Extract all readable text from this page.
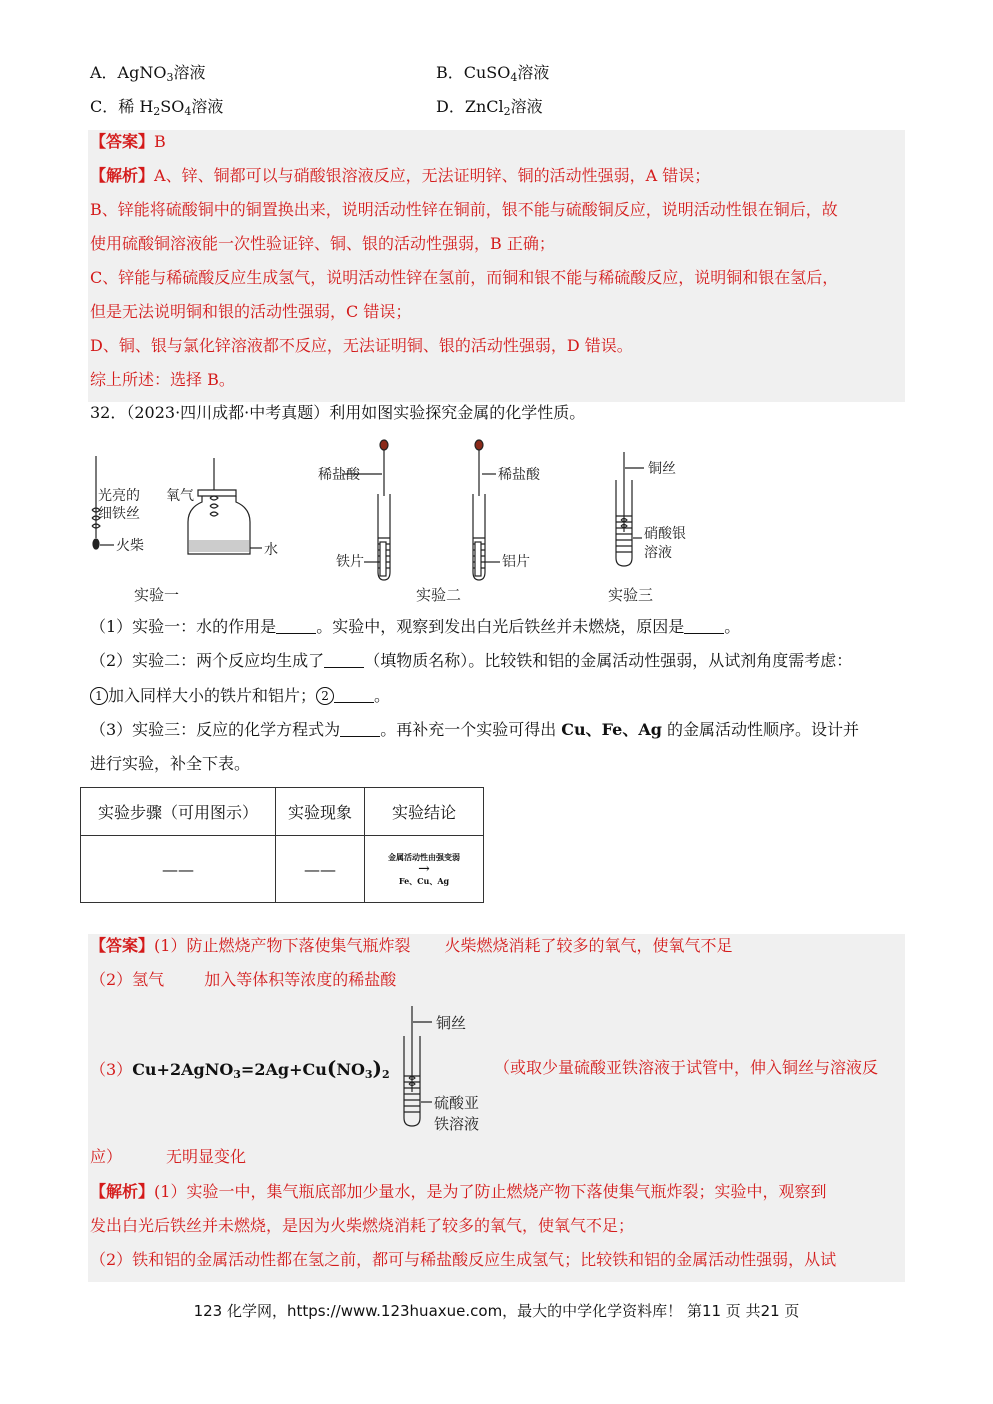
A．AgNO$_3$溶液	B．CuSO$_4$溶液
C．稀 $H_2SO_4$溶液	D．ZnCl$_2$溶液
【答案】B
【解析】A、锌、铜都可以与硝酸银溶液反应，无法证明锌、铜的活动性强弱，A 错误；
B、锌能将硫酸铜中的铜置换出来，说明活动性锌在铜前，银不能与硫酸铜反应，说明活动性银在铜后，故
使用硫酸铜溶液能一次性验证锌、铜、银的活动性强弱，B 正确；
C、锌能与稀硫酸反应生成氢气，说明活动性锌在氢前，而铜和银不能与稀硫酸反应，说明铜和银在氢后，
但是无法说明铜和银的活动性强弱，C 错误；
D、铜、银与氯化锌溶液都不反应，无法证明铜、银的活动性强弱，D 错误。
综上所述：选择 B。
32．（2023·四川成都·中考真题）利用如图实验探究金属的化学性质。
光亮的
细铁丝
火柴
氧气
水
实验一
稀盐酸	稀盐酸
铁片	铝片
实验二
铜丝
硝酸银
溶液
实验三
（1）实验一：水的作用是	。实验中，观察到发出白光后铁丝并未燃烧，原因是	。
（2）实验二：两个反应均生成了	（填物质名称）。比较铁和铝的金属活动性强弱，从试剂角度需考虑：
1 加入同样大小的铁片和铝片； 2	。
（3）实验三：反应的化学方程式为	。再补充一个实验可得出 Cu、Fe、Ag 的金属活动性顺序。设计并
进行实验，补全下表。
实验步骤（可用图示）	实验现象	实验结论
——	——	金属活动性由强变弱
→
Fe、Cu、Ag
【答案】(1）防止燃烧产物下落使集气瓶炸裂 火柴燃烧消耗了较多的氧气，使氧气不足
（2）氢气	加入等体积等浓度的稀盐酸
$(3)Cu+2AgNO_3=2Ag+Cu(NO_3)_2$	（或取少量硫酸亚铁溶液于试管中，伸入铜丝与溶液反
铜丝
硫酸亚
铁溶液
应）	无明显变化
【解析】(1）实验一中，集气瓶底部加少量水，是为了防止燃烧产物下落使集气瓶炸裂；实验中，观察到
发出白光后铁丝并未燃烧，是因为火柴燃烧消耗了较多的氧气，使氧气不足；
（2）铁和铝的金属活动性都在氢之前，都可与稀盐酸反应生成氢气；比较铁和铝的金属活动性强弱，从试
123 化学网，https://www.123huaxue.com，最大的中学化学资料库！ 第11 页 共21 页
